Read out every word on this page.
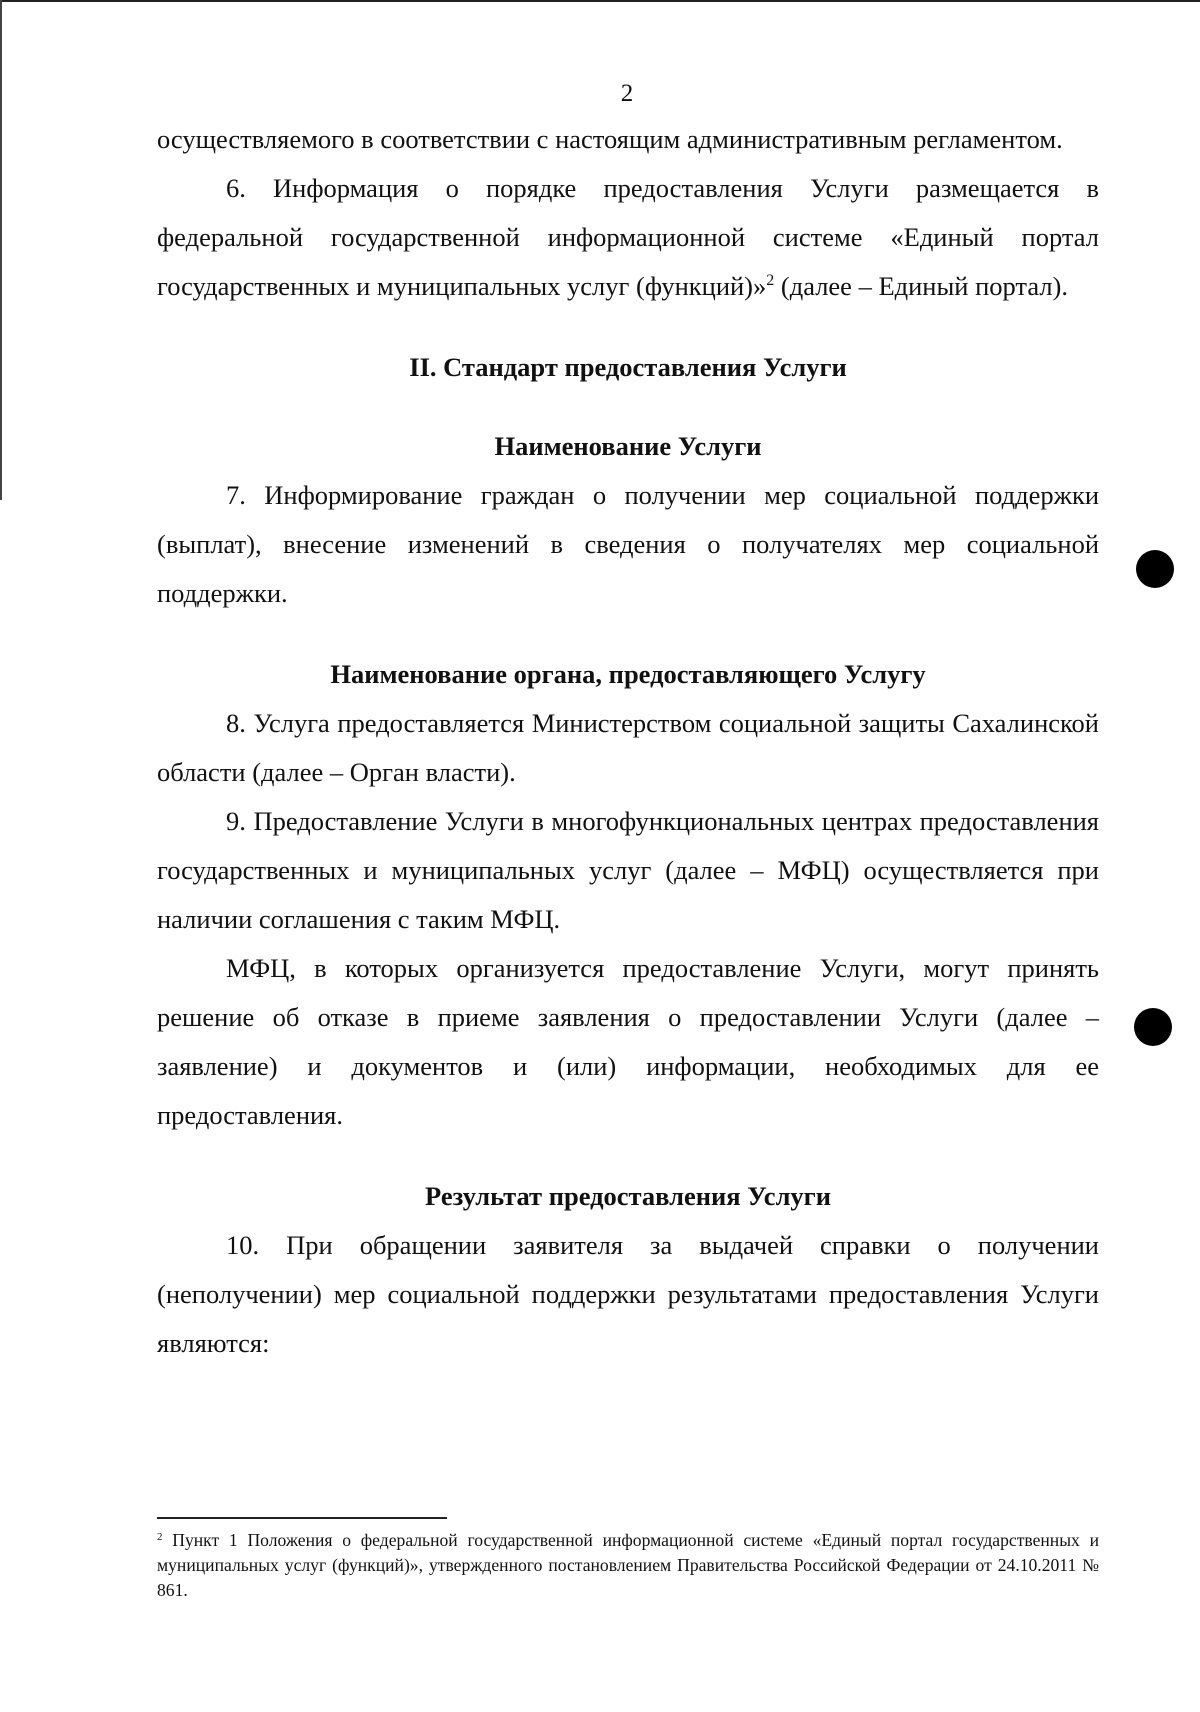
2

осуществляемого в соответствии с настоящим административным регламентом.

6. Информация о порядке предоставления Услуги размещается в федеральной государственной информационной системе «Единый портал государственных и муниципальных услуг (функций)»$^2$ (далее – Единый портал).

II. Стандарт предоставления Услуги

Наименование Услуги

7. Информирование граждан о получении мер социальной поддержки (выплат), внесение изменений в сведения о получателях мер социальной поддержки.

Наименование органа, предоставляющего Услугу

8. Услуга предоставляется Министерством социальной защиты Сахалинской области (далее – Орган власти).

9. Предоставление Услуги в многофункциональных центрах предоставления государственных и муниципальных услуг (далее – МФЦ) осуществляется при наличии соглашения с таким МФЦ.

МФЦ, в которых организуется предоставление Услуги, могут принять решение об отказе в приеме заявления о предоставлении Услуги (далее – заявление) и документов и (или) информации, необходимых для ее предоставления.

Результат предоставления Услуги

10. При обращении заявителя за выдачей справки о получении (неполучении) мер социальной поддержки результатами предоставления Услуги являются:

$^2$ Пункт 1 Положения о федеральной государственной информационной системе «Единый портал государственных и муниципальных услуг (функций)», утвержденного постановлением Правительства Российской Федерации от 24.10.2011 № 861.
